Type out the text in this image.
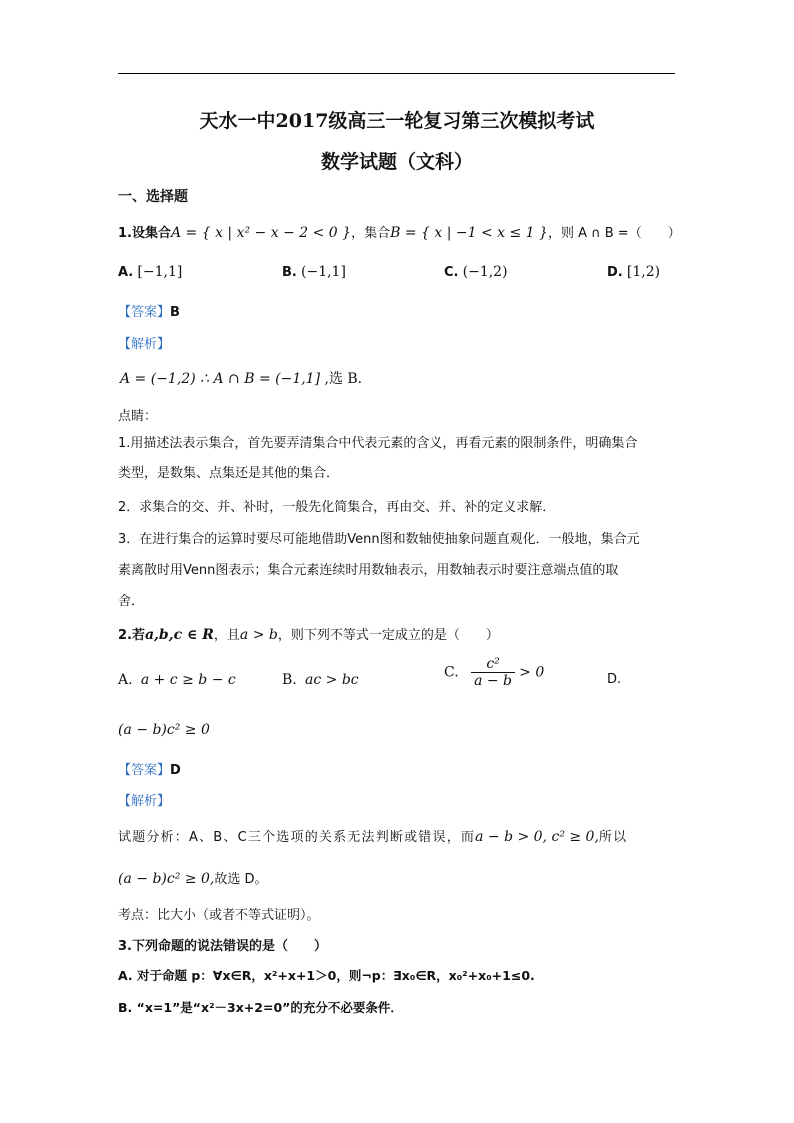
天水一中2017级高三一轮复习第三次模拟考试
数学试题（文科）
一、选择题
1.设集合A = { x | x² − x − 2 < 0 }，集合B = { x | −1 < x ≤ 1 }，则 A ∩ B =（　　）
A. [−1,1]	B. (−1,1]	C. (−1,2)	D. [1,2)
【答案】B
【解析】
A = (−1,2) ∴ A ∩ B = (−1,1] ,选 B.
点睛：
1.用描述法表示集合，首先要弄清集合中代表元素的含义，再看元素的限制条件，明确集合
类型，是数集、点集还是其他的集合．
2．求集合的交、并、补时，一般先化简集合，再由交、并、补的定义求解．
3．在进行集合的运算时要尽可能地借助Venn图和数轴使抽象问题直观化．一般地，集合元
素离散时用Venn图表示；集合元素连续时用数轴表示，用数轴表示时要注意端点值的取
舍．
2.若a,b,c ∈ R，且a > b，则下列不等式一定成立的是（　　）
A. a + c ≥ b − c	B. ac > bc	C. $\frac{\text{c²}}{a - b} > 0$	D.
(a − b)c² ≥ 0
【答案】D
【解析】
试题分析：A、B、C三个选项的关系无法判断或错误，而a − b > 0, c² ≥ 0,所以
(a − b)c² ≥ 0,故选 D。
考点：比大小（或者不等式证明）。
3.下列命题的说法错误的是（　　）
A. 对于命题 p：∀x∈R，x²+x+1＞0，则¬p：∃x₀∈R，x₀²+x₀+1≤0.
B. “x=1”是“x²－3x+2=0”的充分不必要条件．
